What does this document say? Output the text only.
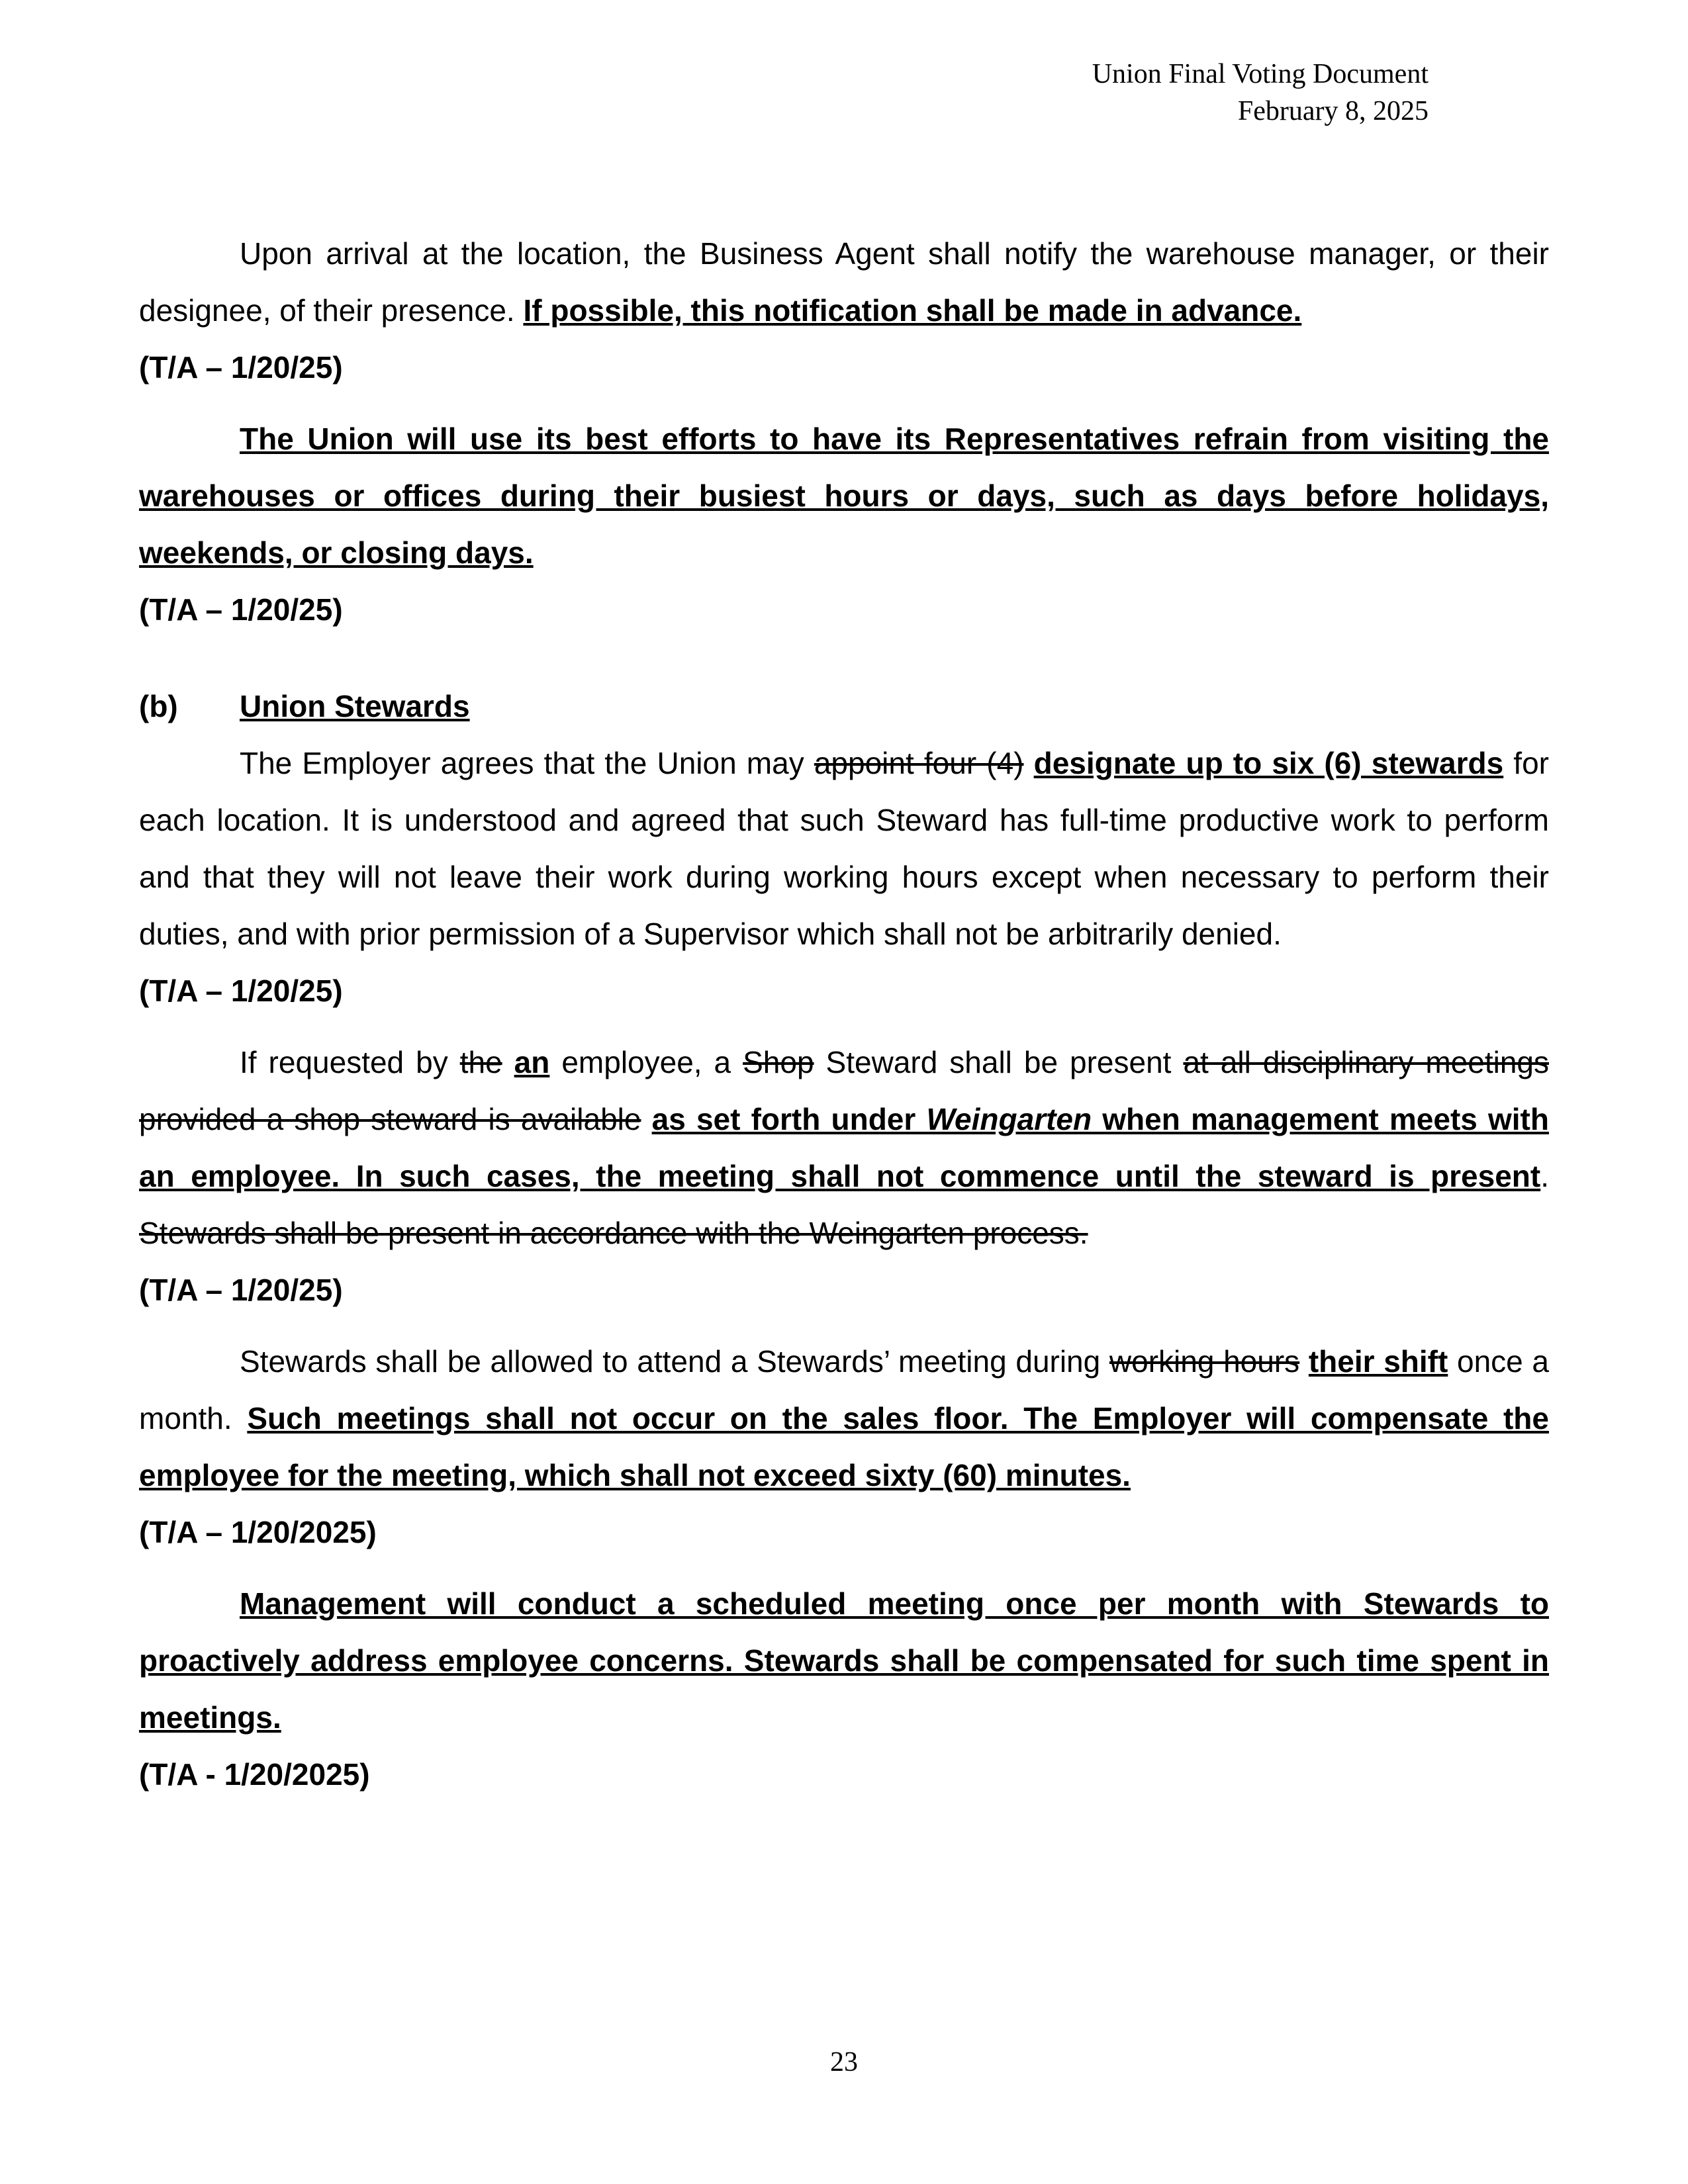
Union Final Voting Document
February 8, 2025

Upon arrival at the location, the Business Agent shall notify the warehouse manager, or their designee, of their presence. If possible, this notification shall be made in advance.

(T/A – 1/20/25)

The Union will use its best efforts to have its Representatives refrain from visiting the warehouses or offices during their busiest hours or days, such as days before holidays, weekends, or closing days.

(T/A – 1/20/25)

(b)	Union Stewards

The Employer agrees that the Union may appoint four (4) designate up to six (6) stewards for each location. It is understood and agreed that such Steward has full-time productive work to perform and that they will not leave their work during working hours except when necessary to perform their duties, and with prior permission of a Supervisor which shall not be arbitrarily denied.

(T/A – 1/20/25)

If requested by the an employee, a Shop Steward shall be present at all disciplinary meetings provided a shop steward is available as set forth under Weingarten when management meets with an employee. In such cases, the meeting shall not commence until the steward is present. Stewards shall be present in accordance with the Weingarten process.

(T/A – 1/20/25)

Stewards shall be allowed to attend a Stewards’ meeting during working hours their shift once a month. Such meetings shall not occur on the sales floor. The Employer will compensate the employee for the meeting, which shall not exceed sixty (60) minutes.

(T/A – 1/20/2025)

Management will conduct a scheduled meeting once per month with Stewards to proactively address employee concerns. Stewards shall be compensated for such time spent in meetings.

(T/A - 1/20/2025)

23
